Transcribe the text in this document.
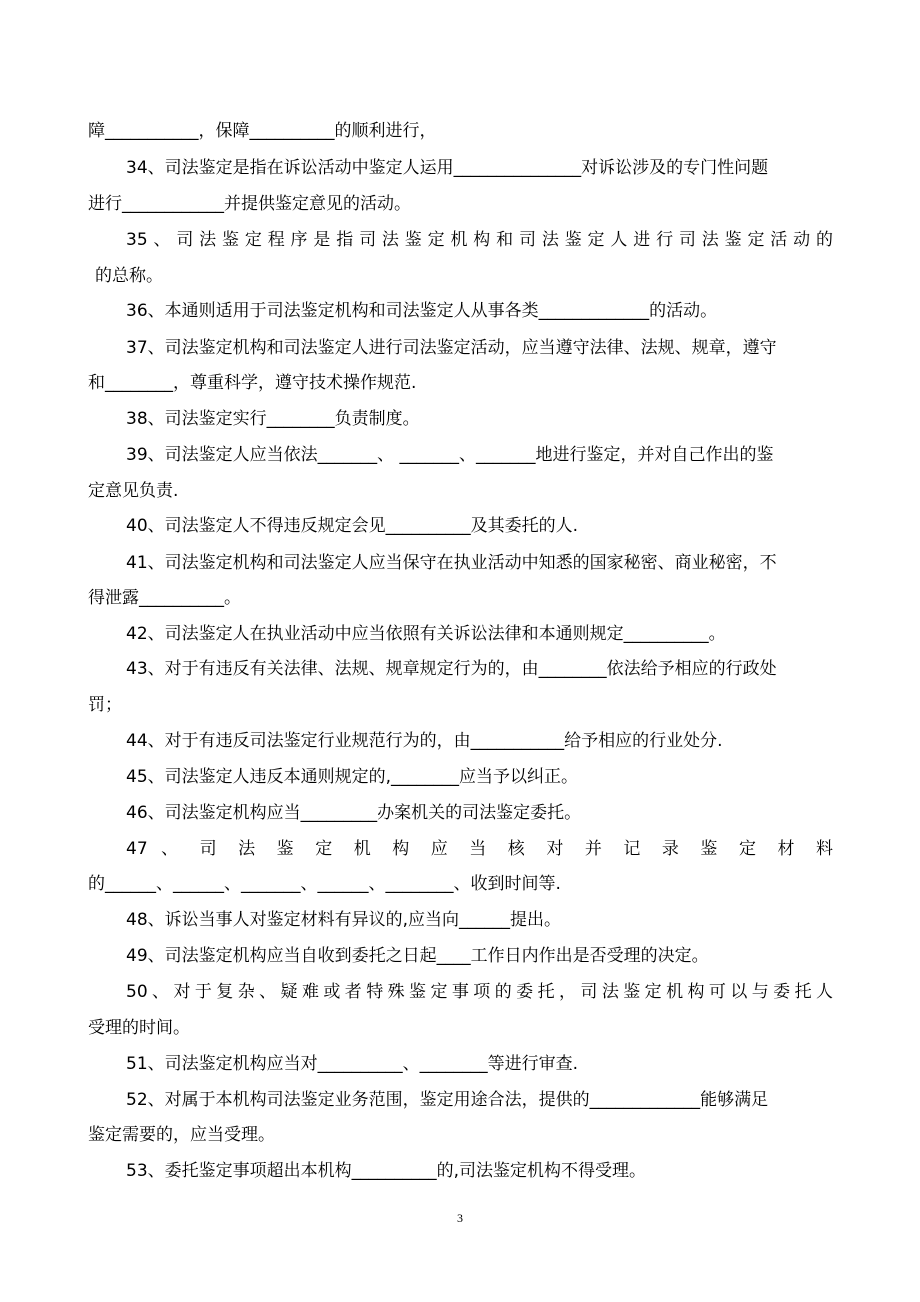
障___________，保障__________的顺利进行，
34、司法鉴定是指在诉讼活动中鉴定人运用_______________对诉讼涉及的专门性问题
进行____________并提供鉴定意见的活动。
35、司法鉴定程序是指司法鉴定机构和司法鉴定人进行司法鉴定活动的
的总称。
36、本通则适用于司法鉴定机构和司法鉴定人从事各类_____________的活动。
37、司法鉴定机构和司法鉴定人进行司法鉴定活动，应当遵守法律、法规、规章，遵守
和________，尊重科学，遵守技术操作规范.
38、司法鉴定实行________负责制度。
39、司法鉴定人应当依法_______、 _______、_______地进行鉴定，并对自己作出的鉴
定意见负责.
40、司法鉴定人不得违反规定会见__________及其委托的人.
41、司法鉴定机构和司法鉴定人应当保守在执业活动中知悉的国家秘密、商业秘密，不
得泄露__________。
42、司法鉴定人在执业活动中应当依照有关诉讼法律和本通则规定__________。
43、对于有违反有关法律、法规、规章规定行为的，由________依法给予相应的行政处
罚；
44、对于有违反司法鉴定行业规范行为的，由___________给予相应的行业处分.
45、司法鉴定人违反本通则规定的,________应当予以纠正。
46、司法鉴定机构应当_________办案机关的司法鉴定委托。
47 、 司 法 鉴 定 机 构 应 当 核 对 并 记 录 鉴 定 材 料
的______、______、_______、______、________、收到时间等.
48、诉讼当事人对鉴定材料有异议的,应当向______提出。
49、司法鉴定机构应当自收到委托之日起____工作日内作出是否受理的决定。
50、对于复杂、疑难或者特殊鉴定事项的委托，司法鉴定机构可以与委托人
受理的时间。
51、司法鉴定机构应当对__________、________等进行审查.
52、对属于本机构司法鉴定业务范围，鉴定用途合法，提供的_____________能够满足
鉴定需要的，应当受理。
53、委托鉴定事项超出本机构__________的,司法鉴定机构不得受理。
3
